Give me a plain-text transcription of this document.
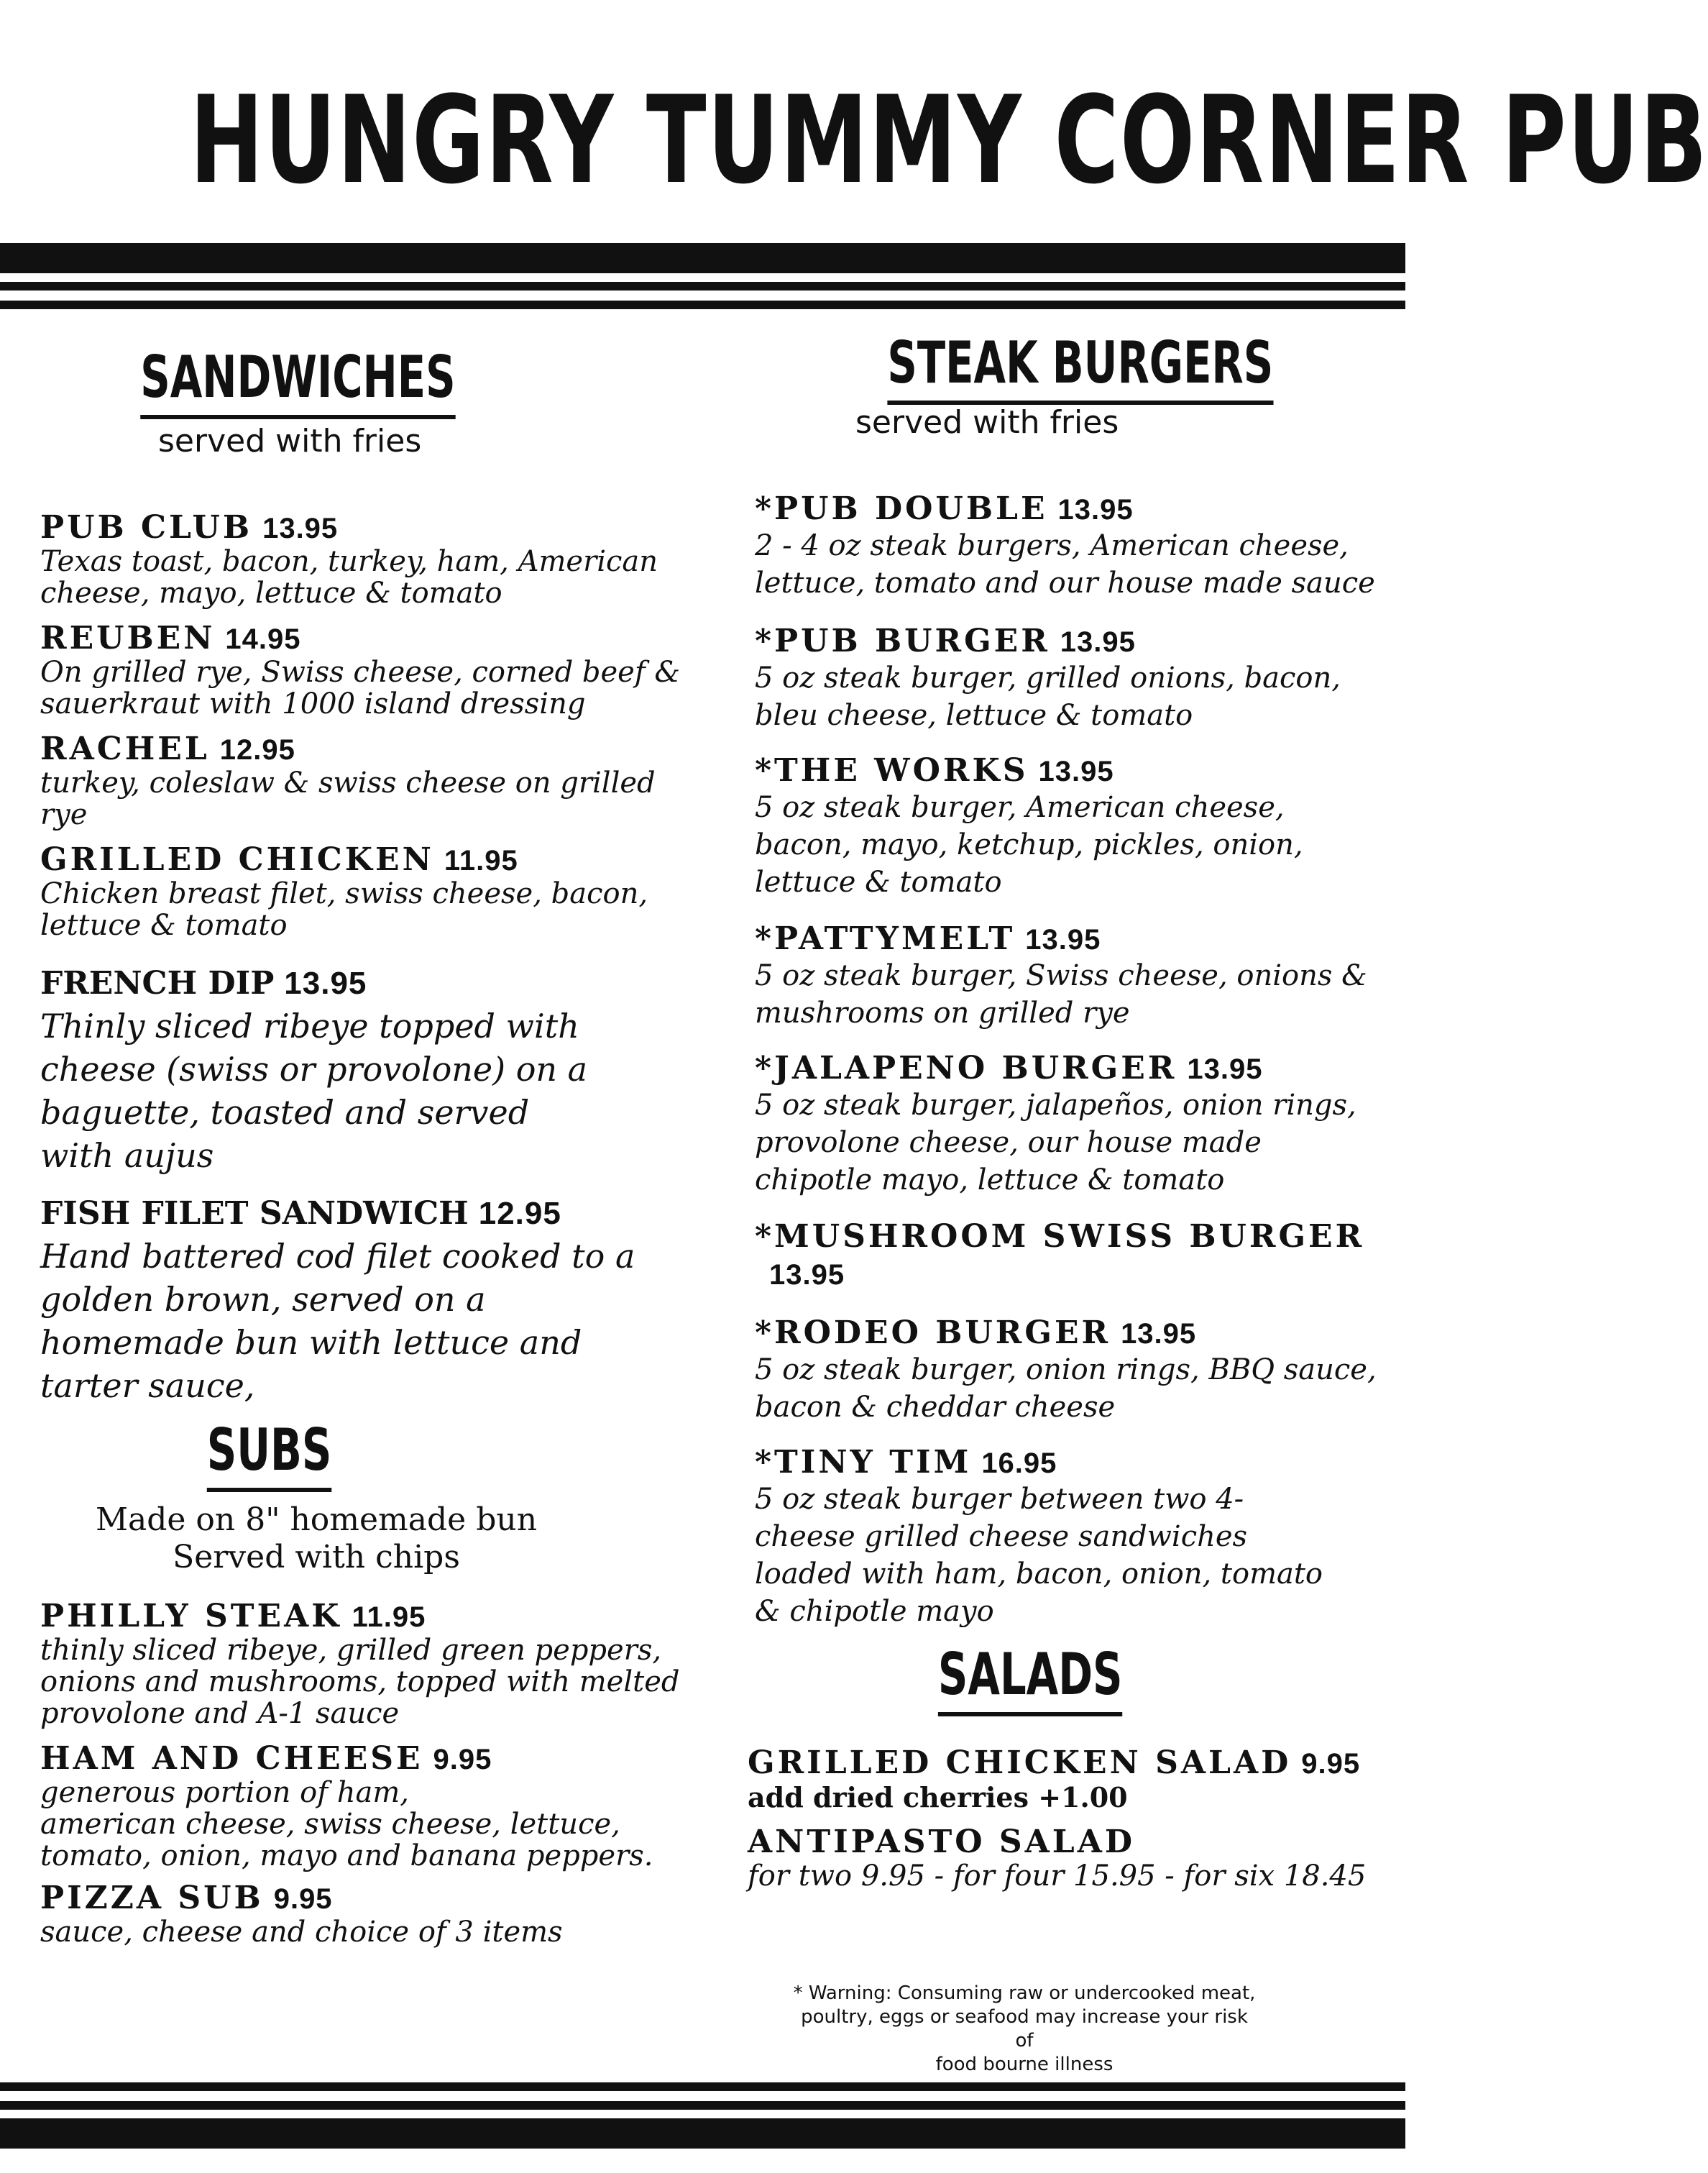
HUNGRY TUMMY CORNER PUB
SANDWICHES
served with fries
PUB CLUB 13.95
Texas toast, bacon, turkey, ham, American cheese, mayo, lettuce & tomato
REUBEN 14.95
On grilled rye, Swiss cheese, corned beef & sauerkraut with 1000 island dressing
RACHEL 12.95
turkey, coleslaw & swiss cheese on grilled rye
GRILLED CHICKEN 11.95
Chicken breast filet, swiss cheese, bacon, lettuce & tomato
FRENCH DIP 13.95
Thinly sliced ribeye topped with cheese (swiss or provolone) on a baguette, toasted and served with aujus
FISH FILET SANDWICH 12.95
Hand battered cod filet cooked to a golden brown, served on a homemade bun with lettuce and tarter sauce,
SUBS
Made on 8" homemade bun
Served with chips
PHILLY STEAK 11.95
thinly sliced ribeye, grilled green peppers, onions and mushrooms, topped with melted provolone and A-1 sauce
HAM AND CHEESE 9.95
generous portion of ham,
american cheese, swiss cheese, lettuce,
tomato, onion, mayo and banana peppers.
PIZZA SUB 9.95
sauce, cheese and choice of 3 items
STEAK BURGERS
served with fries
*PUB DOUBLE 13.95
2 - 4 oz steak burgers, American cheese, lettuce, tomato and our house made sauce
*PUB BURGER 13.95
5 oz steak burger, grilled onions, bacon, bleu cheese, lettuce & tomato
*THE WORKS 13.95
5 oz steak burger, American cheese, bacon, mayo, ketchup, pickles, onion, lettuce & tomato
*PATTYMELT 13.95
5 oz steak burger, Swiss cheese, onions & mushrooms on grilled rye
*JALAPENO BURGER 13.95
5 oz steak burger, jalapeños, onion rings, provolone cheese, our house made chipotle mayo, lettuce & tomato
*MUSHROOM SWISS BURGER
13.95
*RODEO BURGER 13.95
5 oz steak burger, onion rings, BBQ sauce, bacon & cheddar cheese
*TINY TIM 16.95
5 oz steak burger between two 4-cheese grilled cheese sandwiches loaded with ham, bacon, onion, tomato & chipotle mayo
SALADS
GRILLED CHICKEN SALAD 9.95
add dried cherries +1.00
ANTIPASTO SALAD
for two 9.95 - for four 15.95 - for six 18.45
* Warning: Consuming raw or undercooked meat,
poultry, eggs or seafood may increase your risk of
food bourne illness
